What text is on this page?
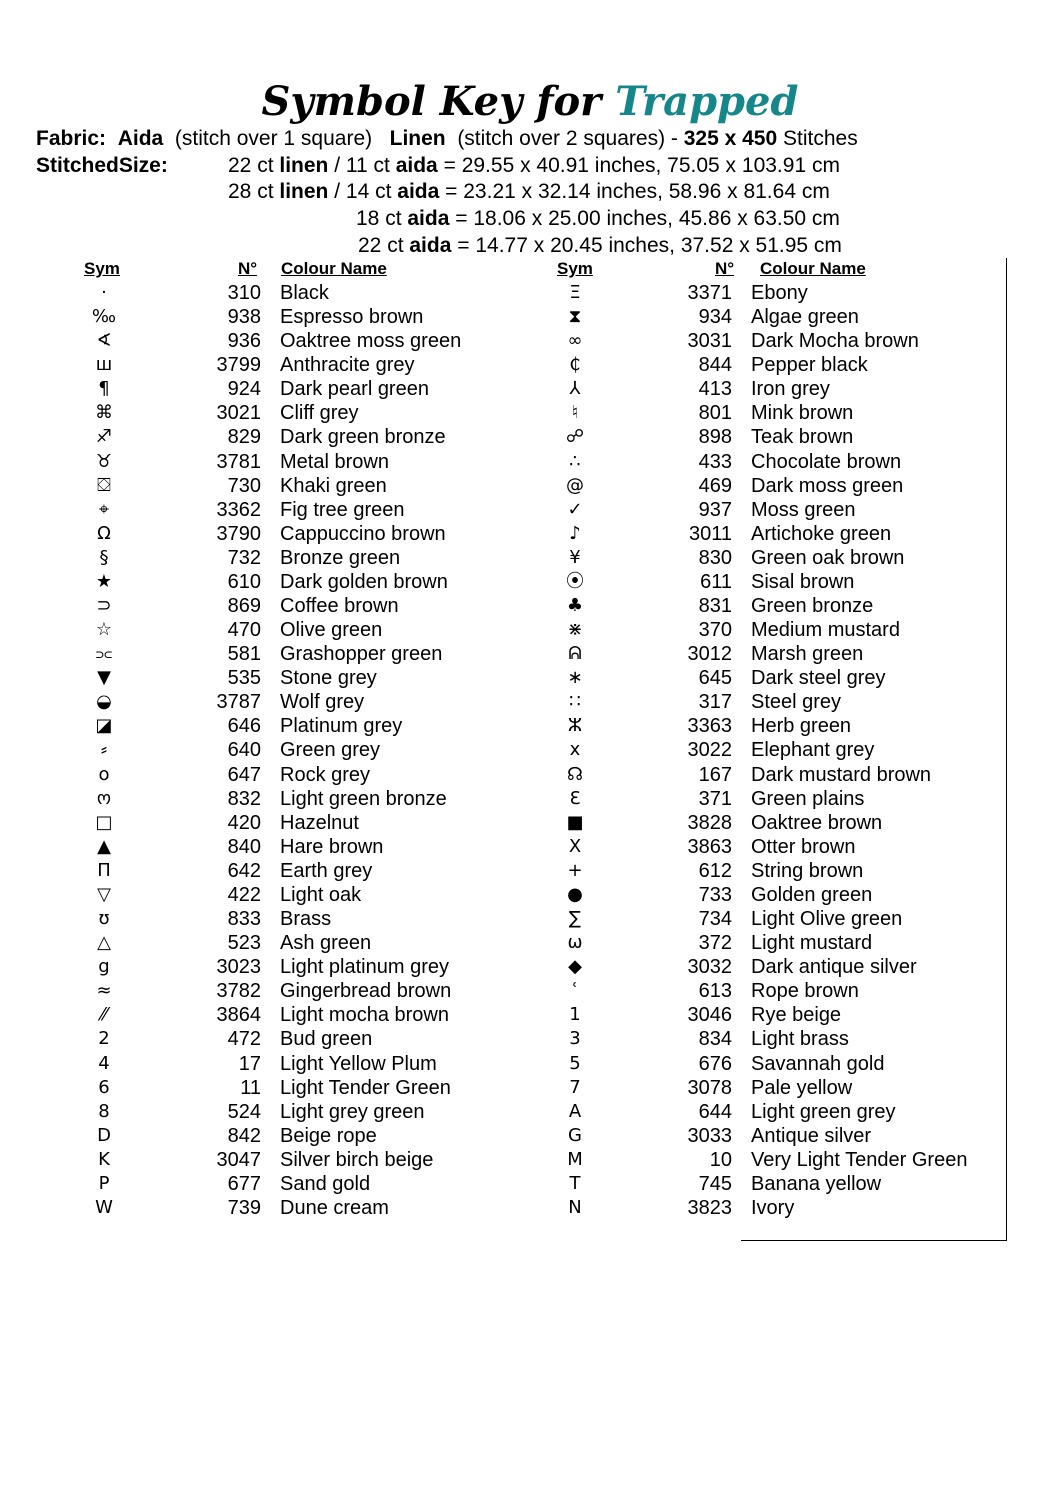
Symbol Key for Trapped
Fabric: Aida (stitch over 1 square) Linen (stitch over 2 squares) - 325 x 450 Stitches
StitchedSize:	22 ct linen / 11 ct aida = 29.55 x 40.91 inches, 75.05 x 103.91 cm
28 ct linen / 14 ct aida = 23.21 x 32.14 inches, 58.96 x 81.64 cm
18 ct aida = 18.06 x 25.00 inches, 45.86 x 63.50 cm
22 ct aida = 14.77 x 20.45 inches, 37.52 x 51.95 cm
Sym	N° Colour Name	Sym	N° Colour Name
·	310 Black
‰	938 Espresso brown
∢	936 Oaktree moss green
ш	3799 Anthracite grey
¶	924 Dark pearl green
⌘	3021 Cliff grey
♐	829 Dark green bronze
♉	3781 Metal brown
⛋	730 Khaki green
⌖	3362 Fig tree green
Ω	3790 Cappuccino brown
§	732 Bronze green
★	610 Dark golden brown
⊃	869 Coffee brown
☆	470 Olive green
⫗	581 Grashopper green
▼	535 Stone grey
◒	3787 Wolf grey
◪	646 Platinum grey
⸗	640 Green grey
o	647 Rock grey
ო	832 Light green bronze
□	420 Hazelnut
▲	840 Hare brown
Π	642 Earth grey
▽	422 Light oak
ʊ	833 Brass
△	523 Ash green
g	3023 Light platinum grey
≈	3782 Gingerbread brown
⁄⁄	3864 Light mocha brown
2	472 Bud green
4	17 Light Yellow Plum
6	11 Light Tender Green
8	524 Light grey green
D	842 Beige rope
K	3047 Silver birch beige
P	677 Sand gold
W	739 Dune cream
Ξ	3371 Ebony
⧗	934 Algae green
∞	3031 Dark Mocha brown
₵	844 Pepper black
⅄	413 Iron grey
♮	801 Mink brown
☍	898 Teak brown
∴	433 Chocolate brown
@	469 Dark moss green
✓	937 Moss green
♪	3011 Artichoke green
¥	830 Green oak brown
⦿	611 Sisal brown
♣	831 Green bronze
⋇	370 Medium mustard
ᕱ	3012 Marsh green
∗	645 Dark steel grey
∷	317 Steel grey
ⵣ	3363 Herb green
x	3022 Elephant grey
☊	167 Dark mustard brown
Ɛ	371 Green plains
■	3828 Oaktree brown
Ⅹ	3863 Otter brown
+	612 String brown
●	733 Golden green
∑	734 Light Olive green
ω	372 Light mustard
◆	3032 Dark antique silver
ʿ	613 Rope brown
1	3046 Rye beige
3	834 Light brass
5	676 Savannah gold
7	3078 Pale yellow
A	644 Light green grey
G	3033 Antique silver
M	10 Very Light Tender Green
T	745 Banana yellow
N	3823 Ivory
